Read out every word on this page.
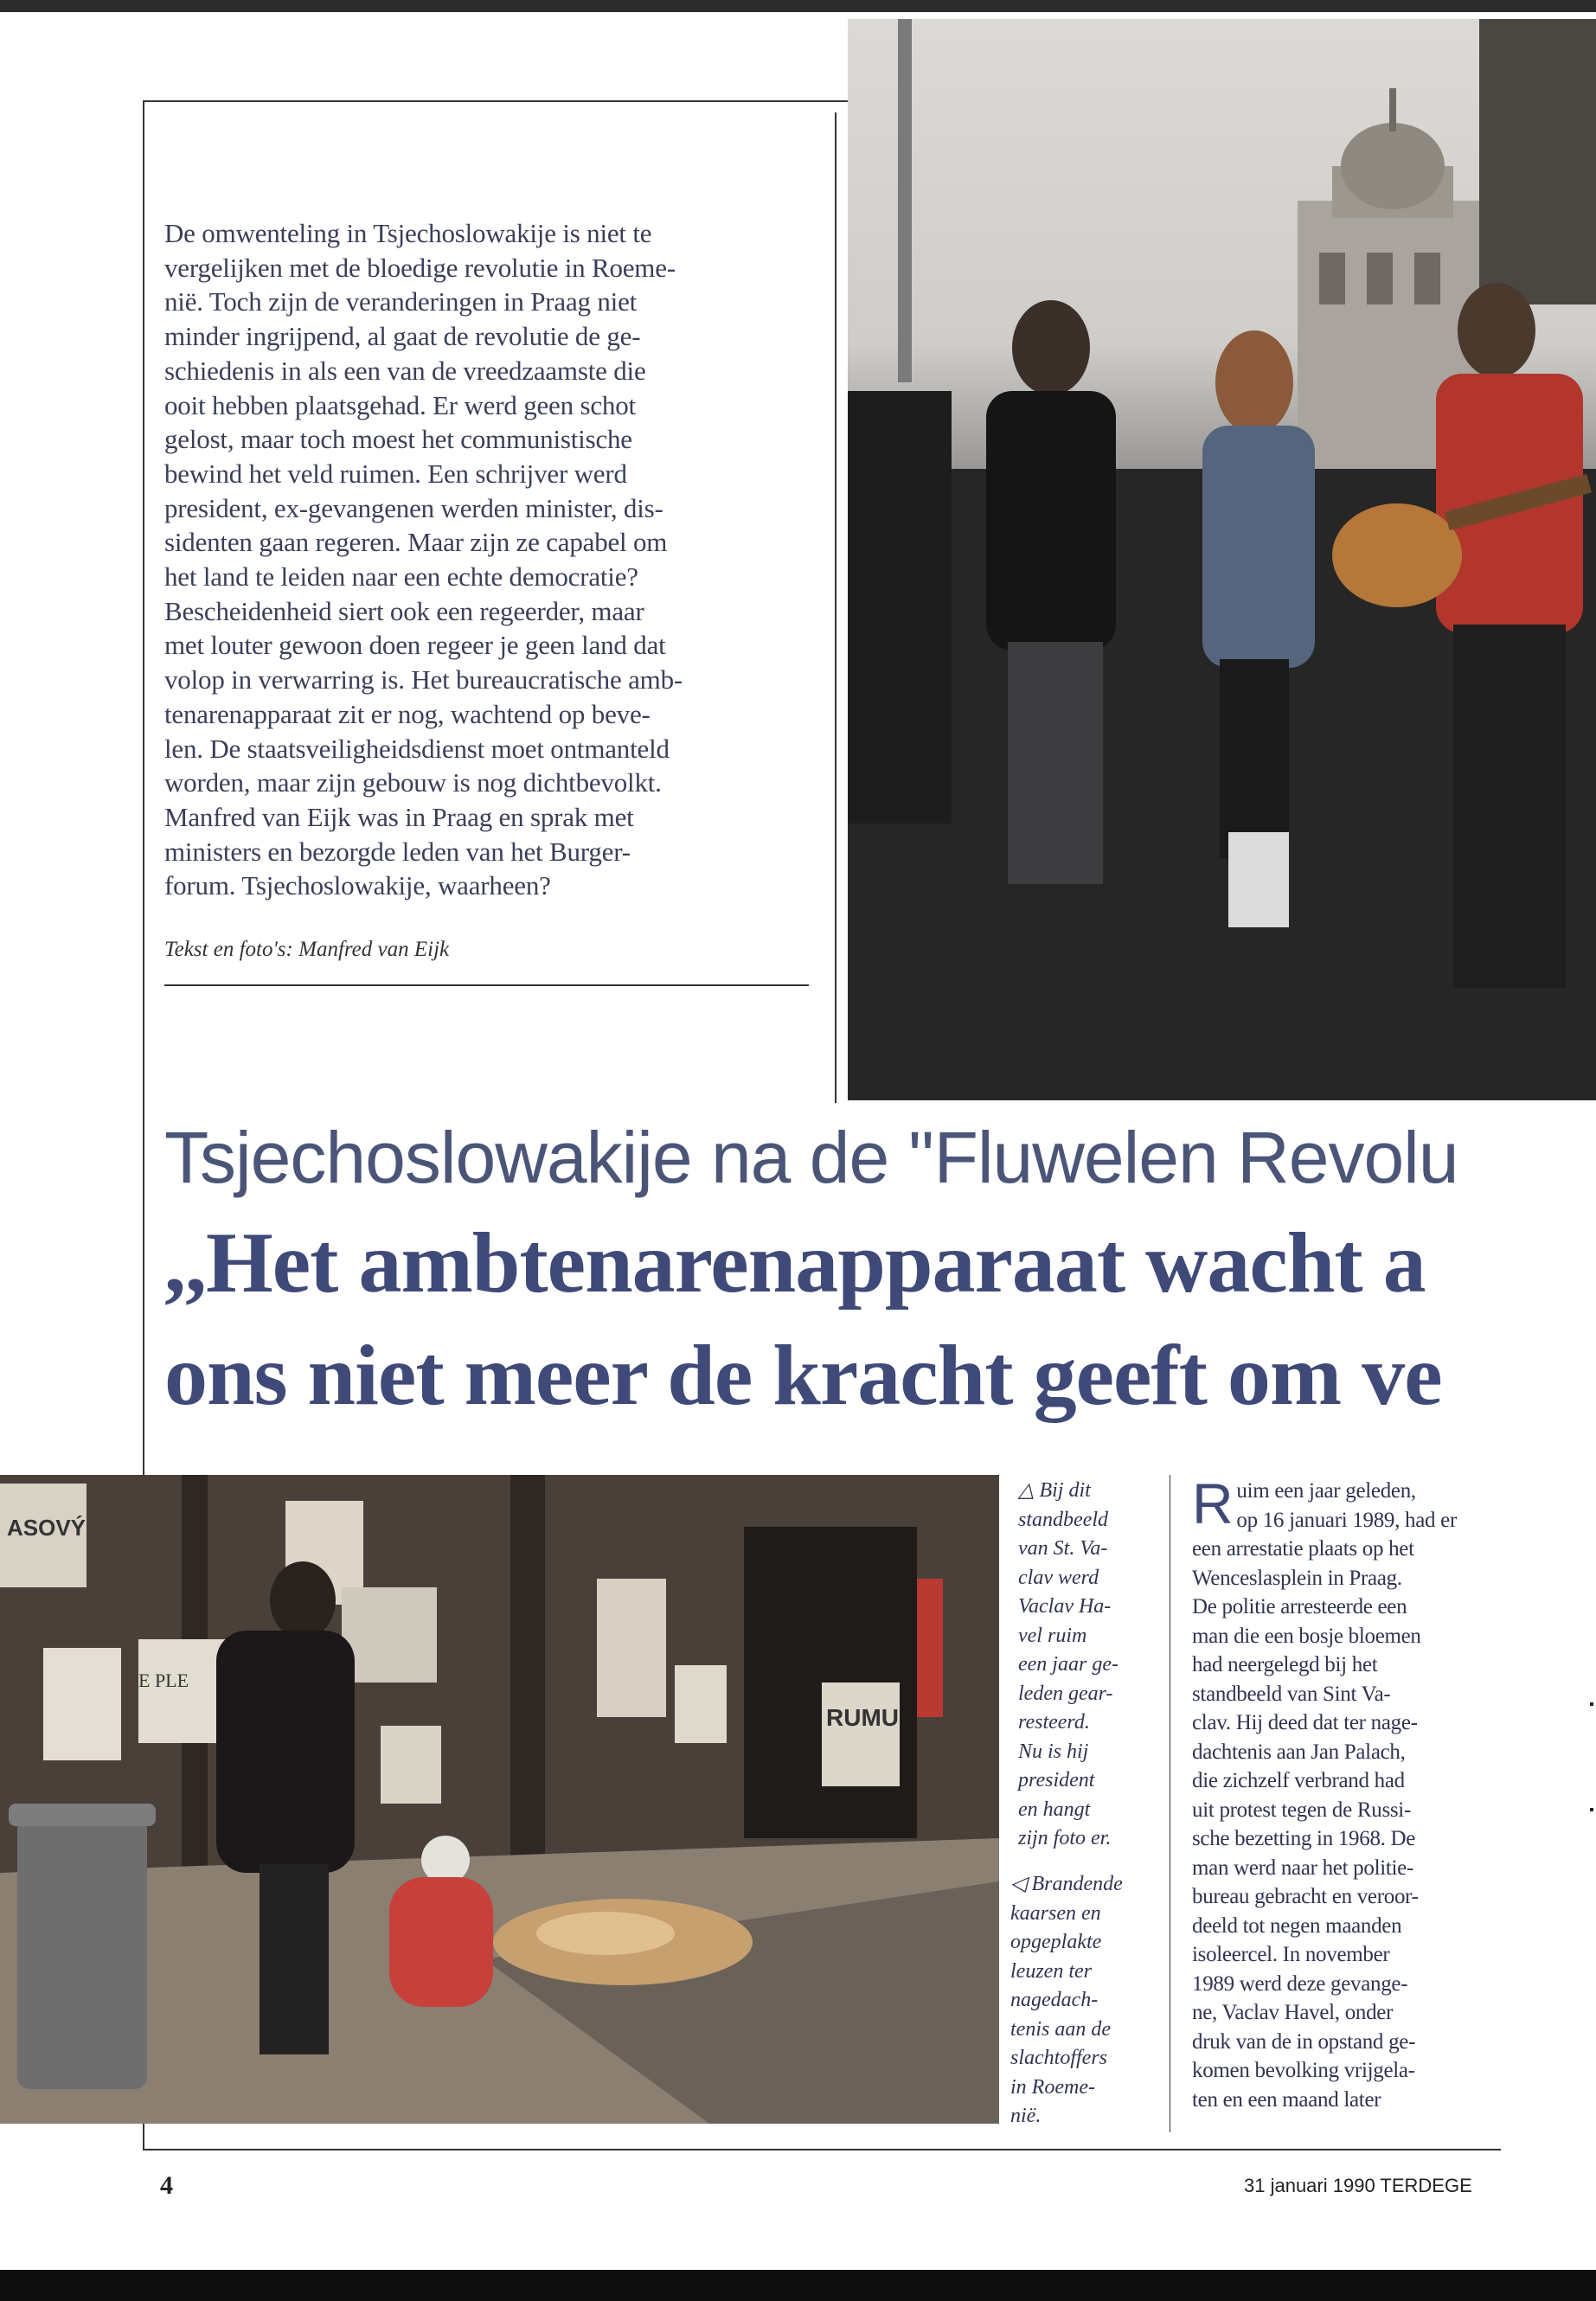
De omwenteling in Tsjechoslowakije is niet te

vergelijken met de bloedige revolutie in Roeme-

nië. Toch zijn de veranderingen in Praag niet

minder ingrijpend, al gaat de revolutie de ge-

schiedenis in als een van de vreedzaamste die

ooit hebben plaatsgehad. Er werd geen schot

gelost, maar toch moest het communistische

bewind het veld ruimen. Een schrijver werd

president, ex-gevangenen werden minister, dis-

sidenten gaan regeren. Maar zijn ze capabel om

het land te leiden naar een echte democratie?

Bescheidenheid siert ook een regeerder, maar

met louter gewoon doen regeer je geen land dat

volop in verwarring is. Het bureaucratische amb-

tenarenapparaat zit er nog, wachtend op beve-

len. De staatsveiligheidsdienst moet ontmanteld

worden, maar zijn gebouw is nog dichtbevolkt.

Manfred van Eijk was in Praag en sprak met

ministers en bezorgde leden van het Burger-

forum. Tsjechoslowakije, waarheen?

Tekst en foto's: Manfred van Eijk
Tsjechoslowakije na de ''Fluwelen Revolu
,,Het ambtenarenapparaat wacht a
ons niet meer de kracht geeft om ve
ASOVÝ
RUMU
E PLE
△ Bij dit
standbeeld
van St. Va-
clav werd
Vaclav Ha-
vel ruim
een jaar ge-
leden gear-
resteerd.
Nu is hij
president
en hangt
zijn foto er.
◁ Brandende
kaarsen en
opgeplakte
leuzen ter
nagedach-
tenis aan de
slachtoffers
in Roeme-
nië.
Ruim een jaar geleden,
op 16 januari 1989, had er
een arrestatie plaats op het
Wenceslasplein in Praag.
De politie arresteerde een
man die een bosje bloemen
had neergelegd bij het
standbeeld van Sint Va-
clav. Hij deed dat ter nage-
dachtenis aan Jan Palach,
die zichzelf verbrand had
uit protest tegen de Russi-
sche bezetting in 1968. De
man werd naar het politie-
bureau gebracht en veroor-
deeld tot negen maanden
isoleercel. In november
1989 werd deze gevange-
ne, Vaclav Havel, onder
druk van de in opstand ge-
komen bevolking vrijgela-
ten en een maand later
4	31 januari 1990 TERDEGE
